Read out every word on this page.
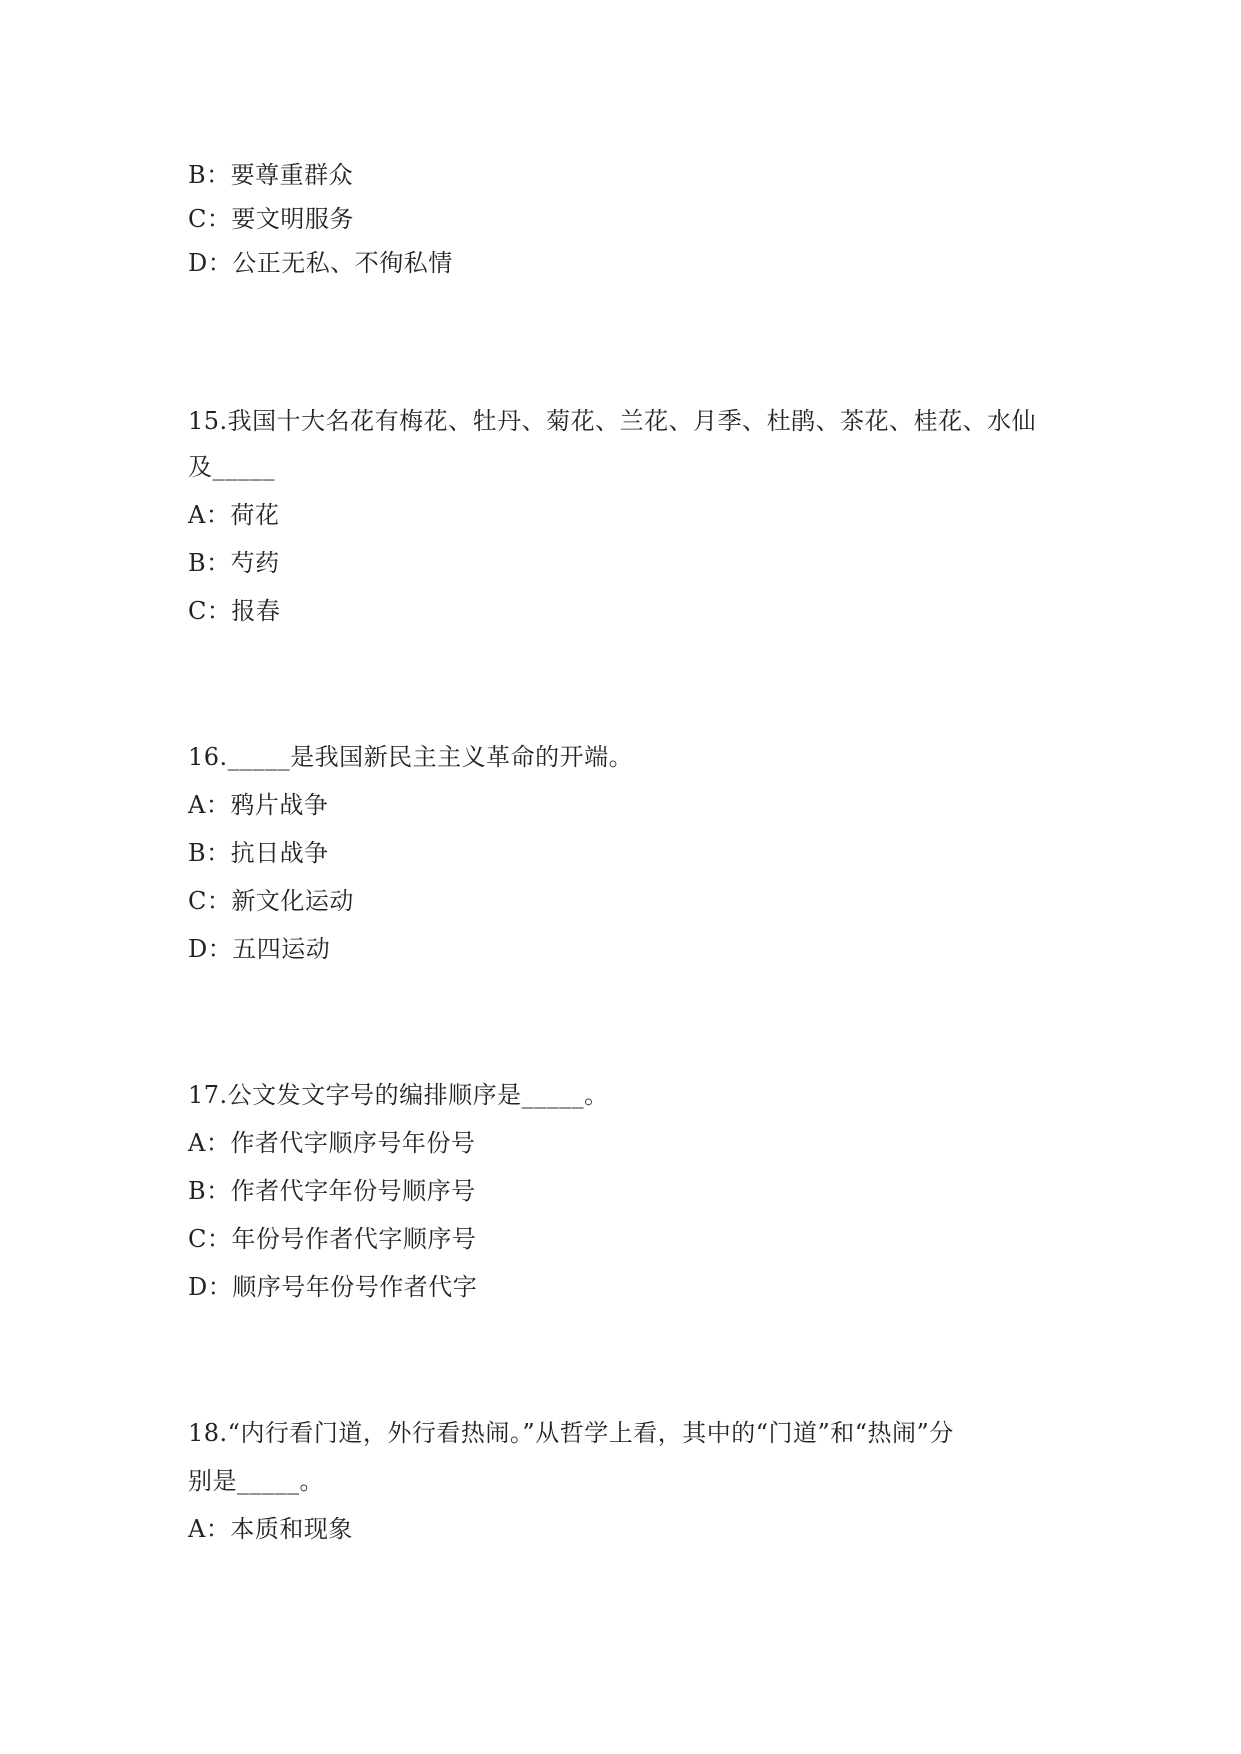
B：要尊重群众
C：要文明服务
D：公正无私、不徇私情
15.我国十大名花有梅花、牡丹、菊花、兰花、月季、杜鹃、茶花、桂花、水仙
及_____
A：荷花
B：芍药
C：报春
16._____是我国新民主主义革命的开端。
A：鸦片战争
B：抗日战争
C：新文化运动
D：五四运动
17.公文发文字号的编排顺序是_____。
A：作者代字顺序号年份号
B：作者代字年份号顺序号
C：年份号作者代字顺序号
D：顺序号年份号作者代字
18.“内行看门道，外行看热闹。”从哲学上看，其中的“门道”和“热闹”分
别是_____。
A：本质和现象
